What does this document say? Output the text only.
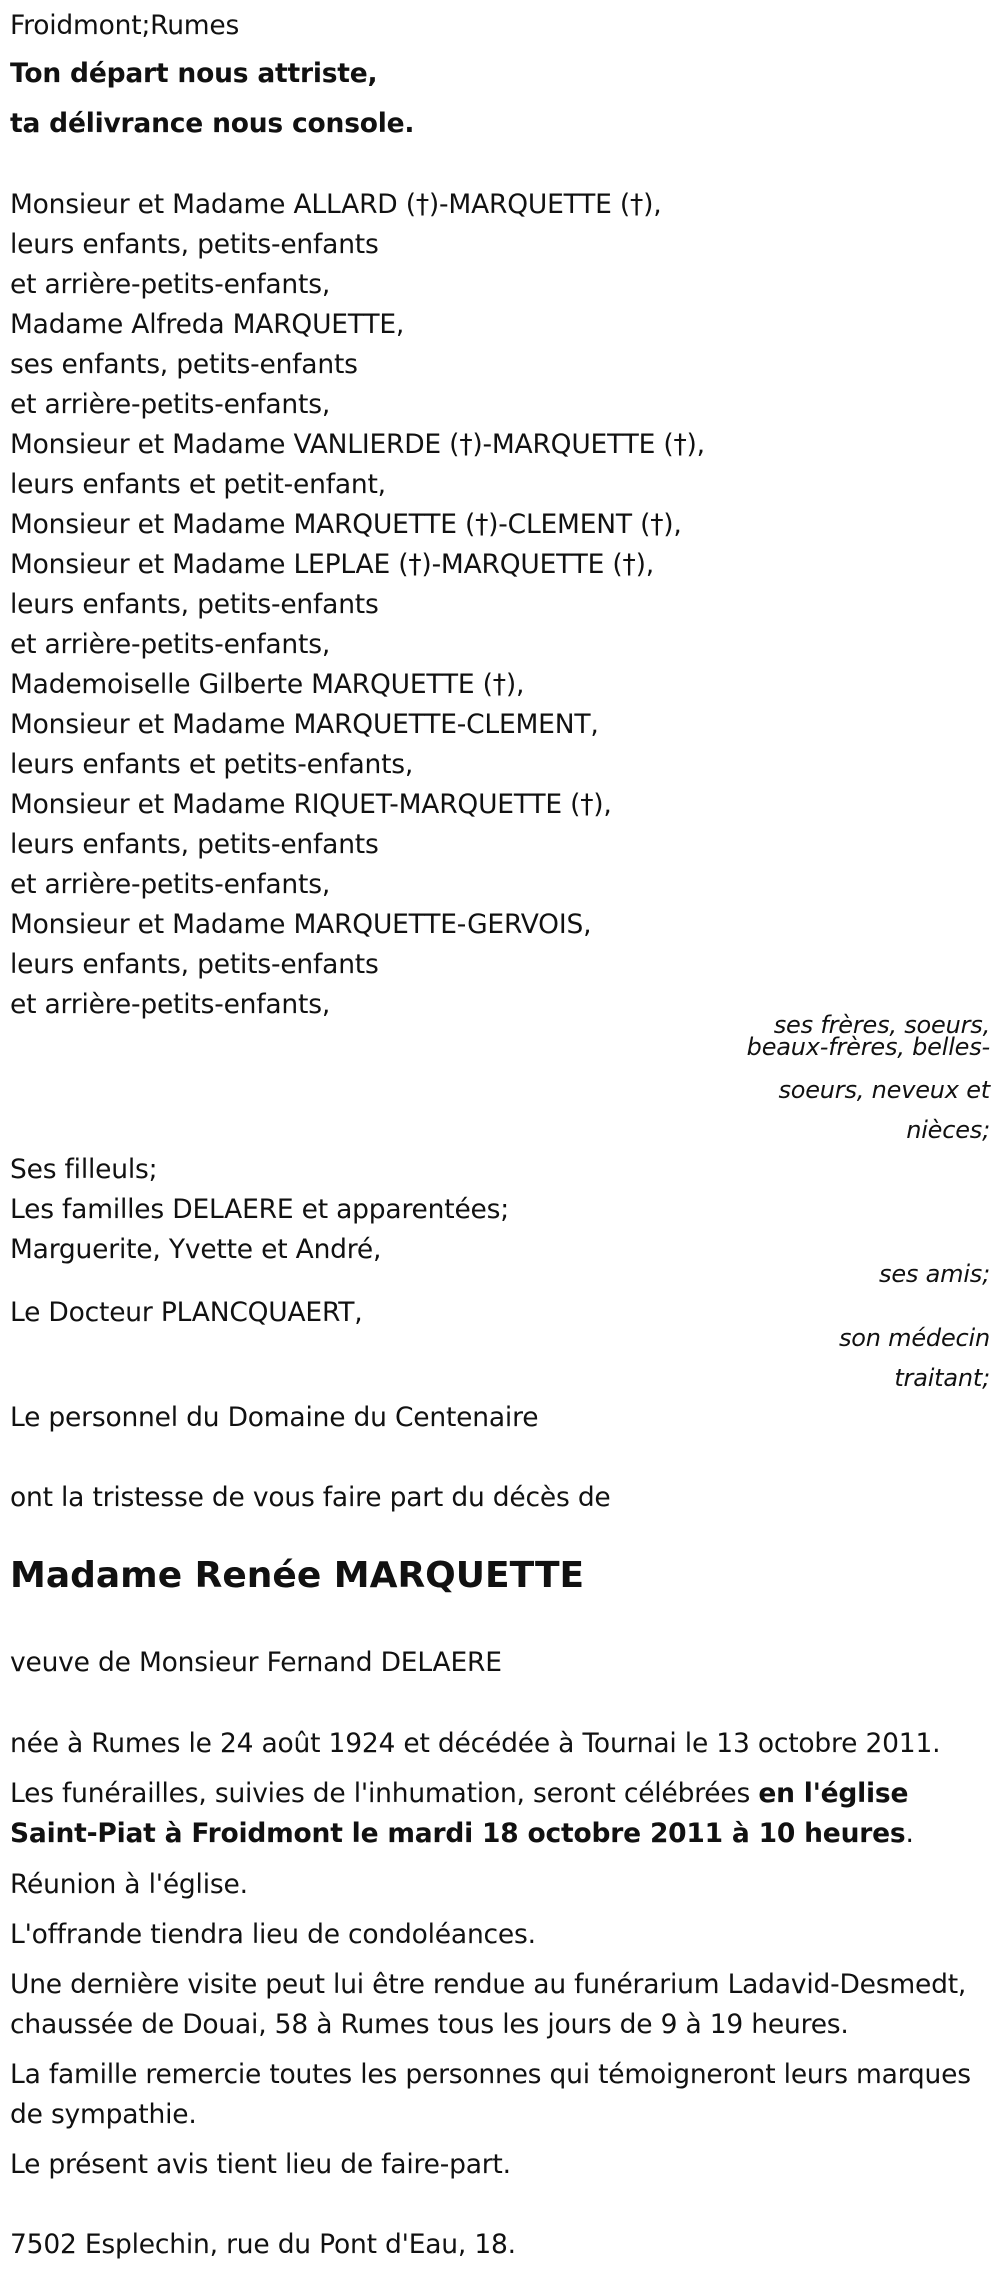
Froidmont;Rumes
Ton départ nous attriste,
ta délivrance nous console.
Monsieur et Madame ALLARD (†)-MARQUETTE (†),
leurs enfants, petits-enfants
et arrière-petits-enfants,
Madame Alfreda MARQUETTE,
ses enfants, petits-enfants
et arrière-petits-enfants,
Monsieur et Madame VANLIERDE (†)-MARQUETTE (†),
leurs enfants et petit-enfant,
Monsieur et Madame MARQUETTE (†)-CLEMENT (†),
Monsieur et Madame LEPLAE (†)-MARQUETTE (†),
leurs enfants, petits-enfants
et arrière-petits-enfants,
Mademoiselle Gilberte MARQUETTE (†),
Monsieur et Madame MARQUETTE-CLEMENT,
leurs enfants et petits-enfants,
Monsieur et Madame RIQUET-MARQUETTE (†),
leurs enfants, petits-enfants
et arrière-petits-enfants,
Monsieur et Madame MARQUETTE-GERVOIS,
leurs enfants, petits-enfants
et arrière-petits-enfants,
ses frères, soeurs,
beaux-frères, belles-
soeurs, neveux et
nièces;
Ses filleuls;
Les familles DELAERE et apparentées;
Marguerite, Yvette et André,
ses amis;
Le Docteur PLANCQUAERT,
son médecin
traitant;
Le personnel du Domaine du Centenaire
ont la tristesse de vous faire part du décès de
Madame Renée MARQUETTE
veuve de Monsieur Fernand DELAERE
née à Rumes le 24 août 1924 et décédée à Tournai le 13 octobre 2011.
Les funérailles, suivies de l'inhumation, seront célébrées en l'église Saint-Piat à Froidmont le mardi 18 octobre 2011 à 10 heures.
Réunion à l'église.
L'offrande tiendra lieu de condoléances.
Une dernière visite peut lui être rendue au funérarium Ladavid-Desmedt, chaussée de Douai, 58 à Rumes tous les jours de 9 à 19 heures.
La famille remercie toutes les personnes qui témoigneront leurs marques de sympathie.
Le présent avis tient lieu de faire-part.
7502 Esplechin, rue du Pont d'Eau, 18.
